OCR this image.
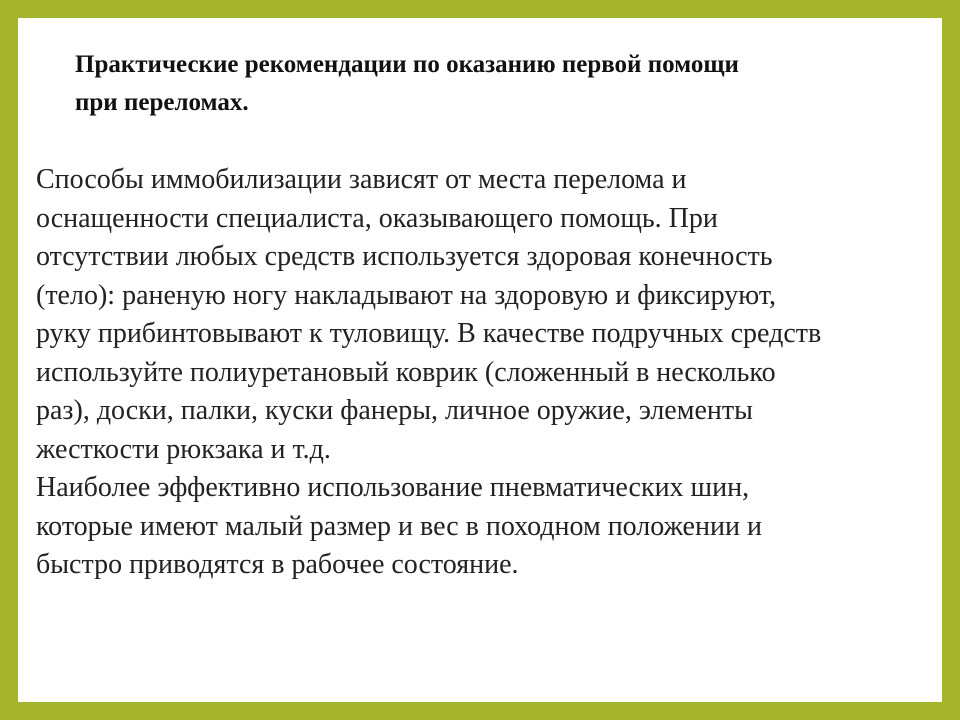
Практические рекомендации по оказанию первой помощи
при переломах.

Способы иммобилизации зависят от места перелома и
оснащенности специалиста, оказывающего помощь. При
отсутствии любых средств используется здоровая конечность
(тело): раненую ногу накладывают на здоровую и фиксируют,
руку прибинтовывают к туловищу. В качестве подручных средств
используйте полиуретановый коврик (сложенный в несколько
раз), доски, палки, куски фанеры, личное оружие, элементы
жесткости рюкзака и т.д.

Наиболее эффективно использование пневматических шин,
которые имеют малый размер и вес в походном положении и
быстро приводятся в рабочее состояние.
